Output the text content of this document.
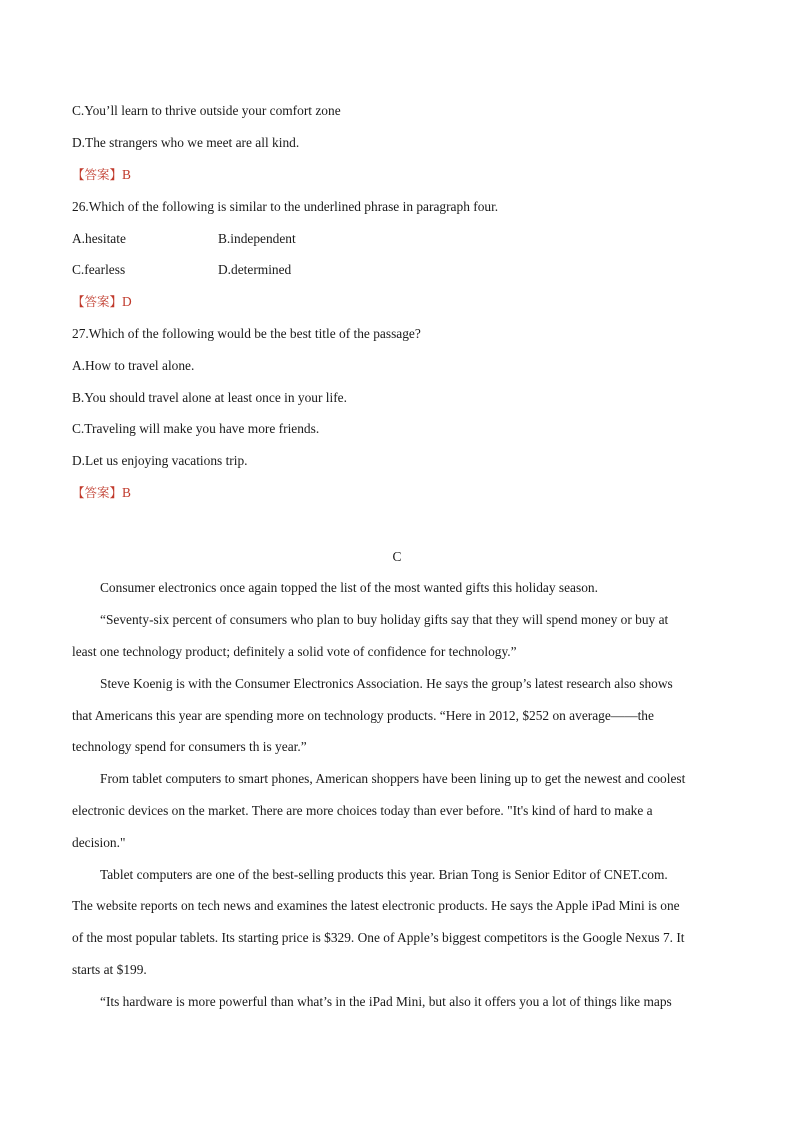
C.You’ll learn to thrive outside your comfort zone
D.The strangers who we meet are all kind.
【答案】B
26.Which of the following is similar to the underlined phrase in paragraph four.
A.hesitate	B.independent
C.fearless	D.determined
【答案】D
27.Which of the following would be the best title of the passage?
A.How to travel alone.
B.You should travel alone at least once in your life.
C.Traveling will make you have more friends.
D.Let us enjoying vacations trip.
【答案】B
C
Consumer electronics once again topped the list of the most wanted gifts this holiday season.
“Seventy-six percent of consumers who plan to buy holiday gifts say that they will spend money or buy at
least one technology product; definitely a solid vote of confidence for technology.”
Steve Koenig is with the Consumer Electronics Association. He says the group’s latest research also shows
that Americans this year are spending more on technology products. “Here in 2012, $252 on average——the
technology spend for consumers th is year.”
From tablet computers to smart phones, American shoppers have been lining up to get the newest and coolest
electronic devices on the market. There are more choices today than ever before. "It's kind of hard to make a
decision."
Tablet computers are one of the best-selling products this year. Brian Tong is Senior Editor of CNET.com.
The website reports on tech news and examines the latest electronic products. He says the Apple iPad Mini is one
of the most popular tablets. Its starting price is $329. One of Apple’s biggest competitors is the Google Nexus 7. It
starts at $199.
“Its hardware is more powerful than what’s in the iPad Mini, but also it offers you a lot of things like maps
